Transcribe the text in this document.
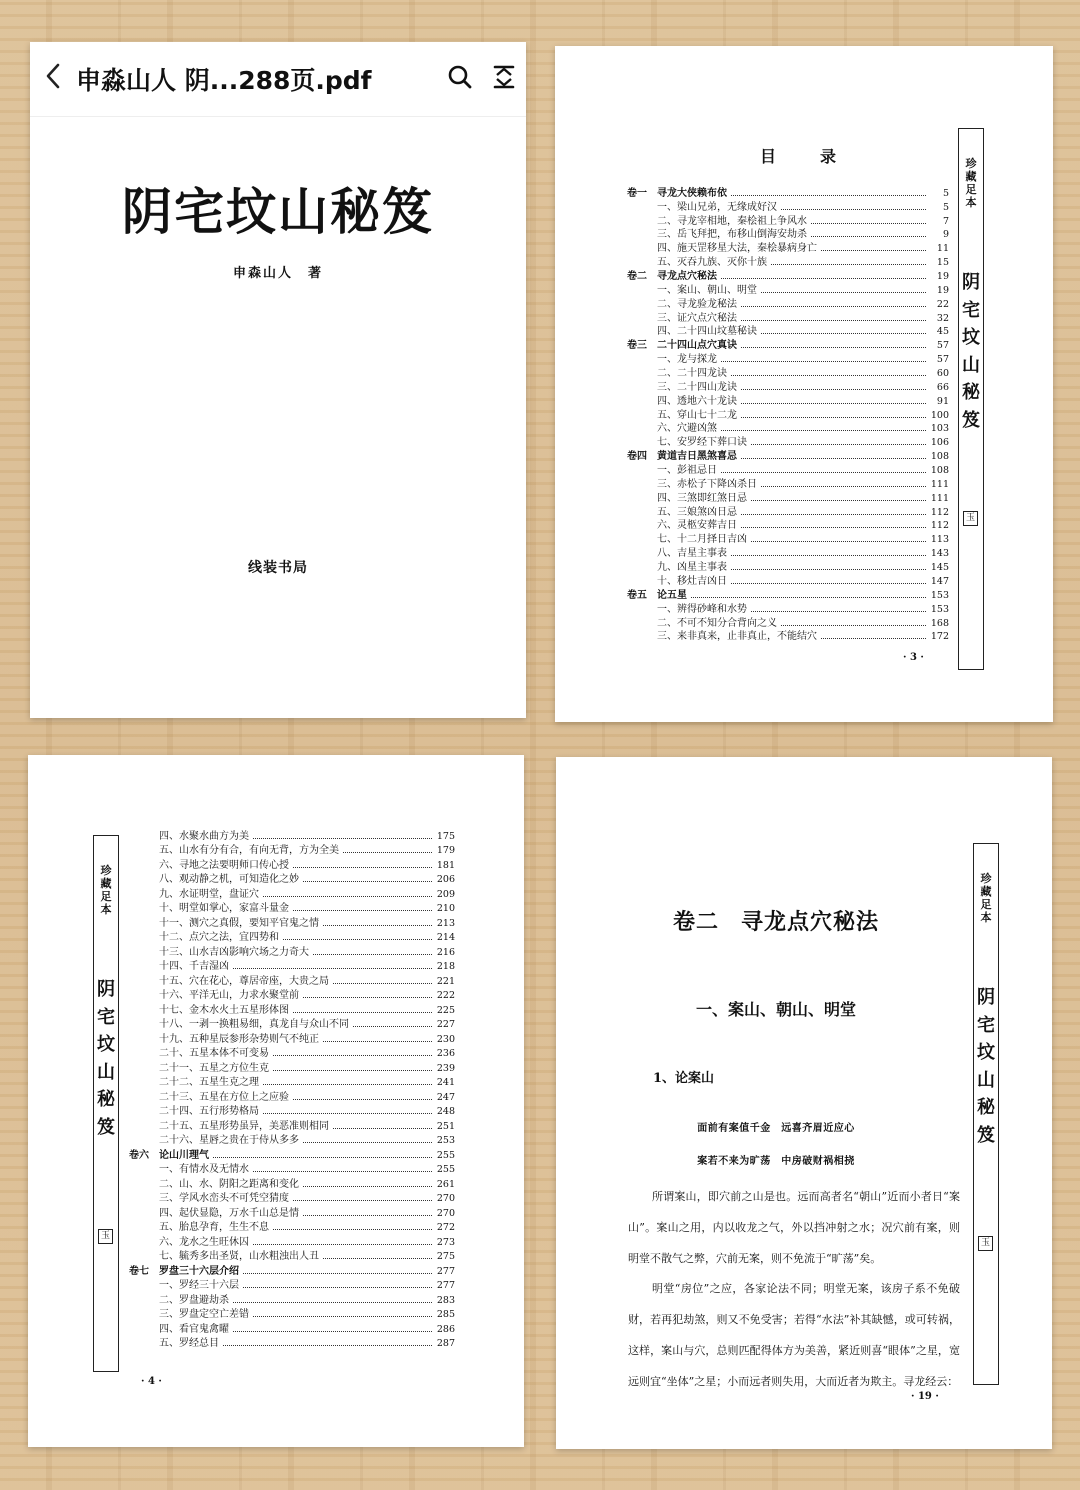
申淼山人 阴...288页.pdf
阴宅坟山秘笈
申森山人　著
线装书局
目　录
卷一 寻龙大侠赖布依	5
一、梁山兄弟，无缘成好汉	5
二、寻龙宰相地，秦桧祖上争风水	7
三、岳飞拜把，布移山倒海安劫杀	9
四、施天罡移星大法，秦桧暴病身亡	11
五、灭吞九族、灭你十族	15
卷二 寻龙点穴秘法	19
一、案山、朝山、明堂	19
二、寻龙验龙秘法	22
三、证穴点穴秘法	32
四、二十四山坟墓秘诀	45
卷三 二十四山点穴真诀	57
一、龙与探龙	57
二、二十四龙诀	60
三、二十四山龙诀	66
四、透地六十龙诀	91
五、穿山七十二龙	100
六、穴避凶煞	103
七、安罗经下葬口诀	106
卷四 黄道吉日黑煞喜忌	108
一、彭祖忌日	108
三、赤松子下降凶杀日	111
四、三煞即红煞日忌	111
五、三娘煞凶日忌	112
六、灵柩安葬吉日	112
七、十二月择日吉凶	113
八、吉星主事表	143
九、凶星主事表	145
十、移灶吉凶日	147
卷五 论五星	153
一、辨得砂峰和水势	153
二、不可不知分合背向之义	168
三、来非真来，止非真止，不能结穴	172
· 3 ·
珍藏足本
阴
宅
坟
山
秘
笈
玉
珍藏足本
阴
宅
坟
山
秘
笈
玉
四、水聚水曲方为美	175
五、山水有分有合，有向无背，方为全美	179
六、寻地之法要明师口传心授	181
八、观动静之机，可知造化之妙	206
九、水证明堂，盘证穴	209
十、明堂如掌心，家富斗量金	210
十一、测穴之真假，要知平官鬼之情	213
十二、点穴之法，宜四势和	214
十三、山水吉凶影响穴场之力奇大	216
十四、千吉湿凶	218
十五、穴在花心，尊居帝座，大贵之局	221
十六、平洋无山，力求水聚堂前	222
十七、金木水火土五星形体图	225
十八、一剥一换粗易细，真龙自与众山不同	227
十九、五种星辰参形杂势则气不纯正	230
二十、五星本体不可变易	236
二十一、五星之方位生克	239
二十二、五星生克之理	241
二十三、五星在方位上之应验	247
二十四、五行形势格局	248
二十五、五星形势虽异，美恶准则相同	251
二十六、星唇之贵在于侍从多多	253
卷六 论山川理气	255
一、有情水及无情水	255
二、山、水、阴阳之距离和变化	261
三、学风水峦头不可凭空猜度	270
四、起伏显隐，万水千山总是情	270
五、胎息孕育，生生不息	272
六、龙水之生旺休囚	273
七、毓秀多出圣贤，山水粗浊出人丑	275
卷七 罗盘三十六层介绍	277
一、罗经三十六层	277
二、罗盘避劫杀	283
三、罗盘定空亡差错	285
四、看官鬼禽曜	286
五、罗经总目	287
· 4 ·
卷二 寻龙点穴秘法
一、案山、朝山、明堂
1、论案山
面前有案值千金　远喜齐眉近应心
案若不来为旷荡　中房破财祸相挠

所谓案山，即穴前之山是也。远而高者名“朝山”近而小者日“案山”。案山之用，内以收龙之气，外以挡冲射之水；况穴前有案，则明堂不散气之弊，穴前无案，则不免流于“旷荡”矣。

明堂“房位”之应，各家论法不同；明堂无案，该房子系不免破财，若再犯劫煞，则又不免受害；若得“水法”补其缺憾，或可转祸，这样，案山与穴，总则匹配得体方为美善，紧近则喜“眼体”之星，宽远则宜“坐体”之星；小而远者则失用，大而近者为欺主。寻龙经云：

· 19 ·
珍藏足本
阴
宅
坟
山
秘
笈
玉
